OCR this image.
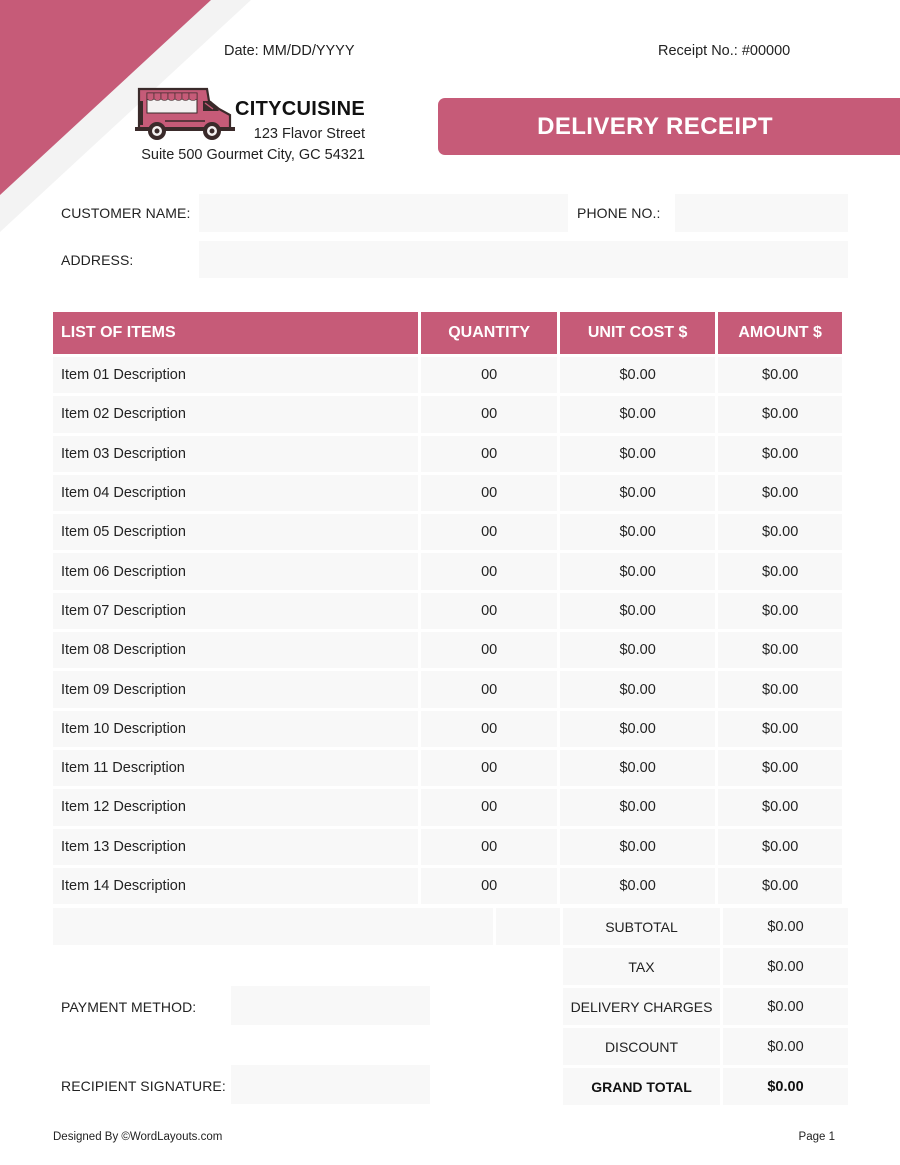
Date: MM/DD/YYYY	Receipt No.: #00000
CITYCUISINE
123 Flavor Street
Suite 500 Gourmet City, GC 54321
DELIVERY RECEIPT
CUSTOMER NAME:	PHONE NO.:
ADDRESS:
LIST OF ITEMS	QUANTITY	UNIT COST $	AMOUNT $
Item 01 Description	00	$0.00	$0.00
Item 02 Description	00	$0.00	$0.00
Item 03 Description	00	$0.00	$0.00
Item 04 Description	00	$0.00	$0.00
Item 05 Description	00	$0.00	$0.00
Item 06 Description	00	$0.00	$0.00
Item 07 Description	00	$0.00	$0.00
Item 08 Description	00	$0.00	$0.00
Item 09 Description	00	$0.00	$0.00
Item 10 Description	00	$0.00	$0.00
Item 11 Description	00	$0.00	$0.00
Item 12 Description	00	$0.00	$0.00
Item 13 Description	00	$0.00	$0.00
Item 14 Description	00	$0.00	$0.00
SUBTOTAL	$0.00
TAX	$0.00
DELIVERY CHARGES	$0.00
DISCOUNT	$0.00
GRAND TOTAL	$0.00
PAYMENT METHOD:
RECIPIENT SIGNATURE:
Designed By ©WordLayouts.com	Page 1
